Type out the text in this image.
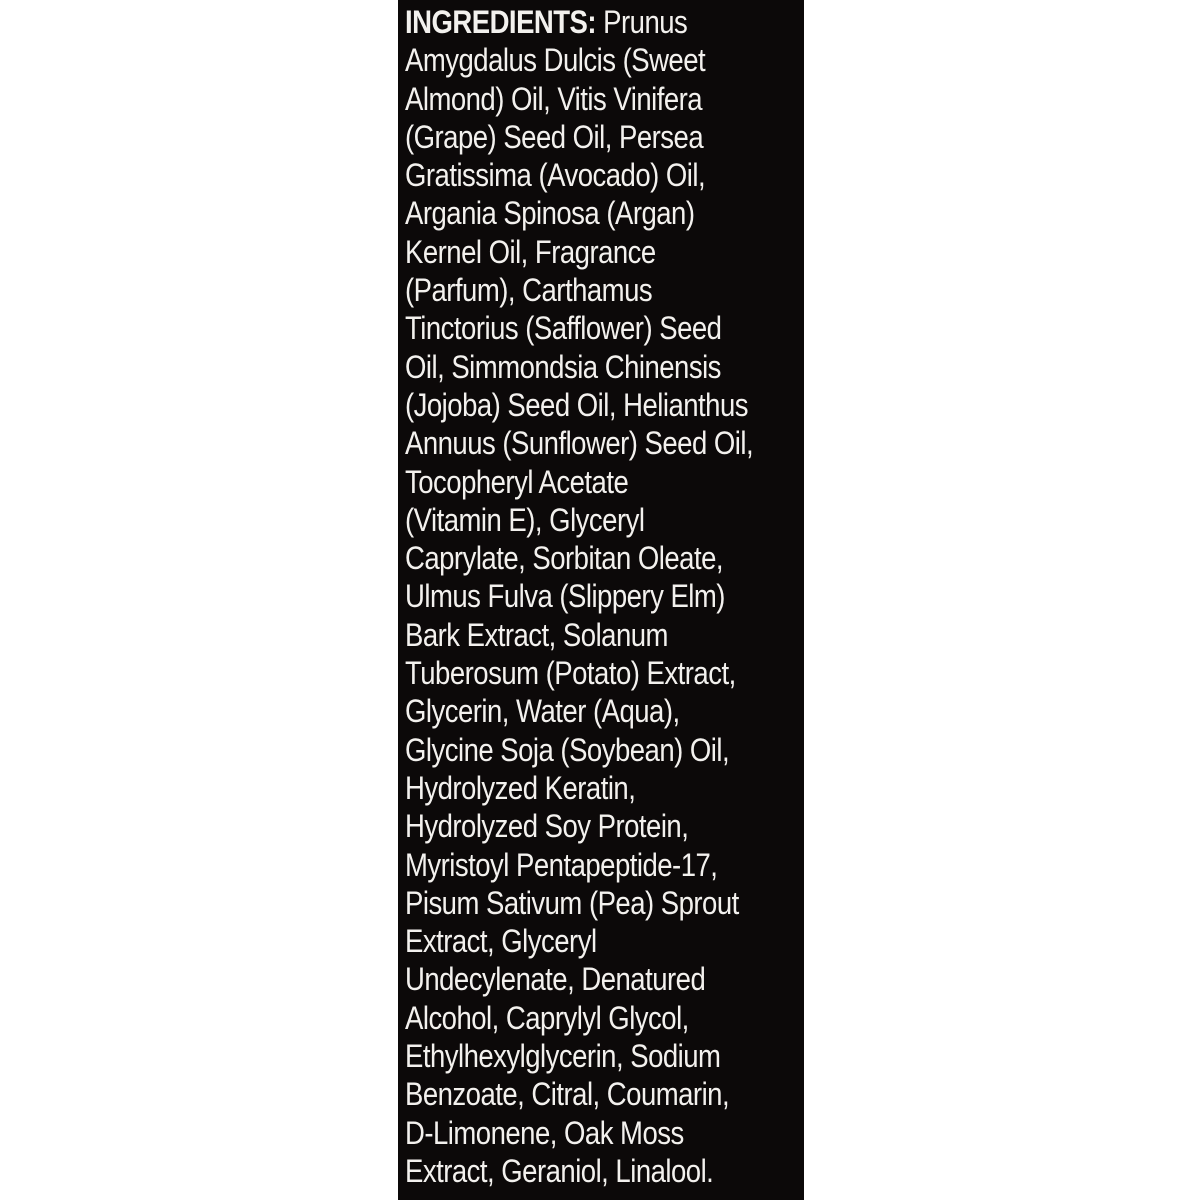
INGREDIENTS: Prunus
Amygdalus Dulcis (Sweet
Almond) Oil, Vitis Vinifera
(Grape) Seed Oil, Persea
Gratissima (Avocado) Oil,
Argania Spinosa (Argan)
Kernel Oil, Fragrance
(Parfum), Carthamus
Tinctorius (Safflower) Seed
Oil, Simmondsia Chinensis
(Jojoba) Seed Oil, Helianthus
Annuus (Sunflower) Seed Oil,
Tocopheryl Acetate
(Vitamin E), Glyceryl
Caprylate, Sorbitan Oleate,
Ulmus Fulva (Slippery Elm)
Bark Extract, Solanum
Tuberosum (Potato) Extract,
Glycerin, Water (Aqua),
Glycine Soja (Soybean) Oil,
Hydrolyzed Keratin,
Hydrolyzed Soy Protein,
Myristoyl Pentapeptide-17,
Pisum Sativum (Pea) Sprout
Extract, Glyceryl
Undecylenate, Denatured
Alcohol, Caprylyl Glycol,
Ethylhexylglycerin, Sodium
Benzoate, Citral, Coumarin,
D-Limonene, Oak Moss
Extract, Geraniol, Linalool.
